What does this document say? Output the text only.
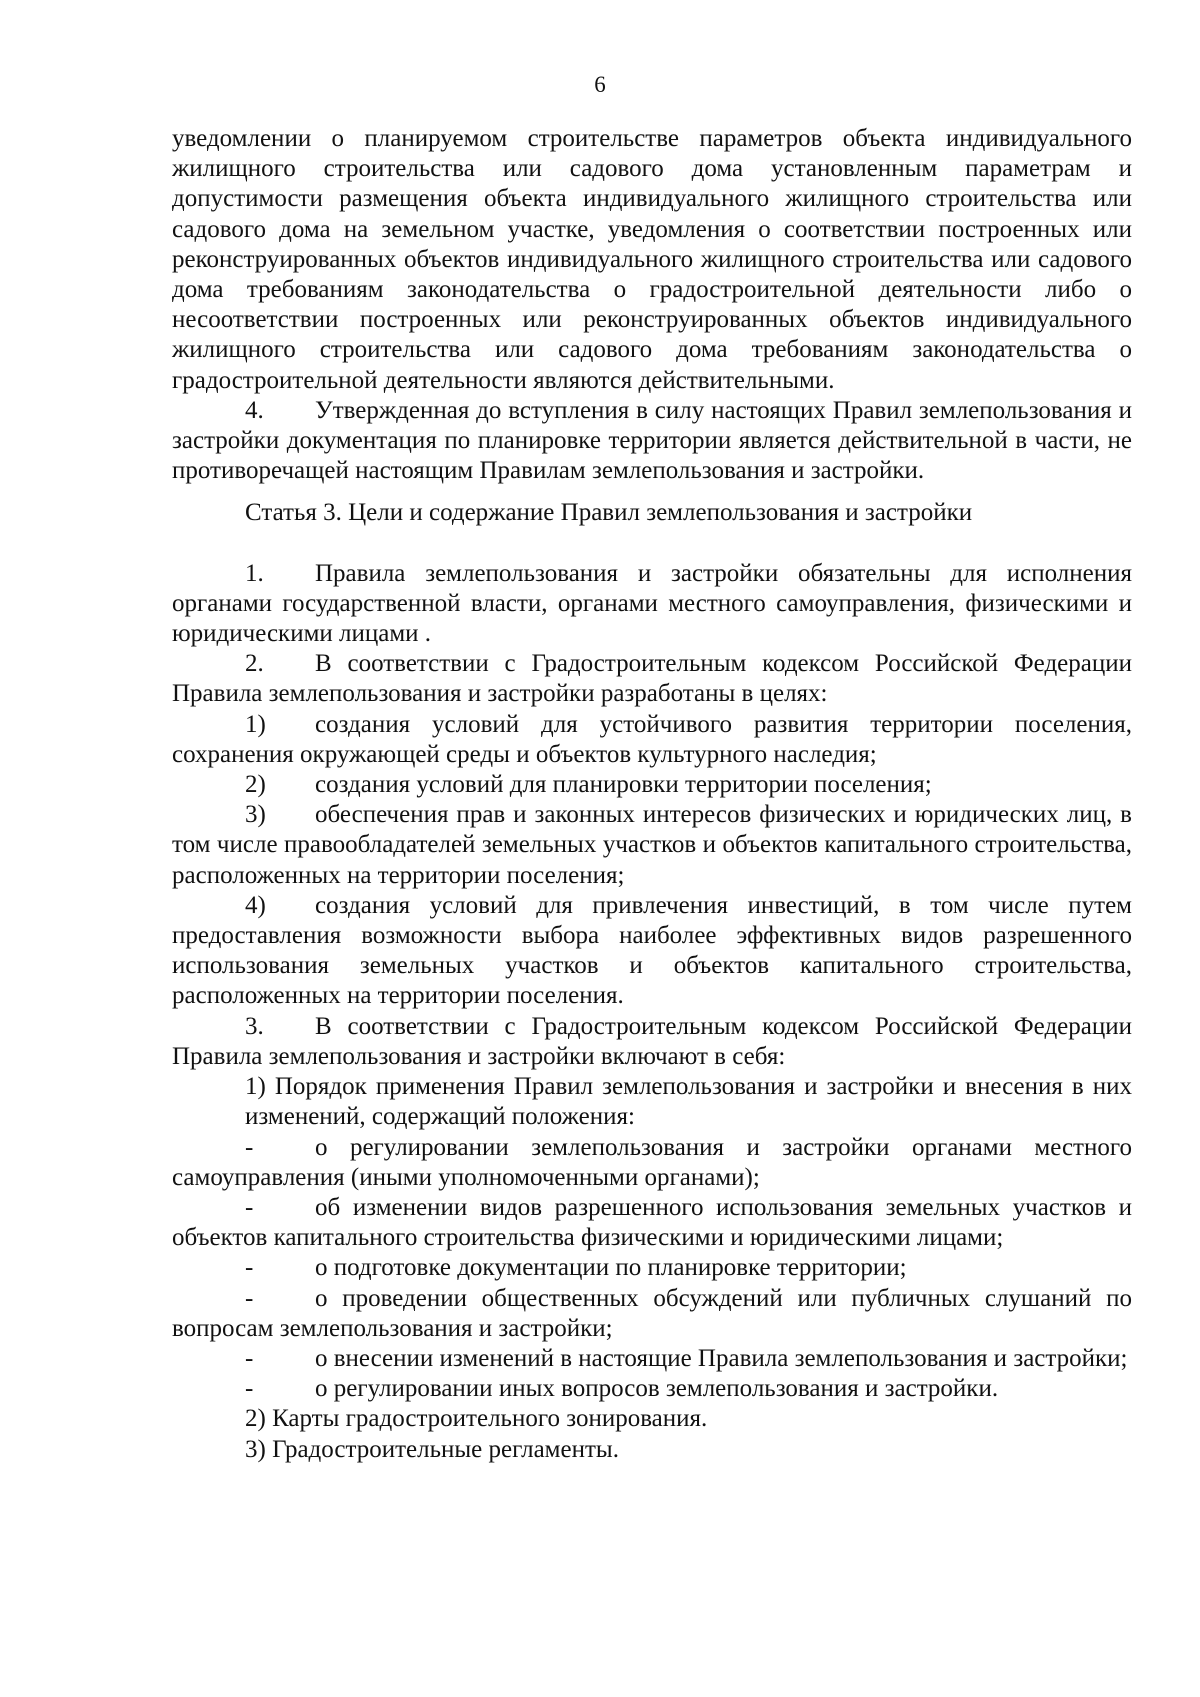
6

уведомлении о планируемом строительстве параметров объекта индивидуального жилищного строительства или садового дома установленным параметрам и допустимости размещения объекта индивидуального жилищного строительства или садового дома на земельном участке, уведомления о соответствии построенных или реконструированных объектов индивидуального жилищного строительства или садового дома требованиям законодательства о градостроительной деятельности либо о несоответствии построенных или реконструированных объектов индивидуального жилищного строительства или садового дома требованиям законодательства о градостроительной деятельности являются действительными.

4. Утвержденная до вступления в силу настоящих Правил землепользования и застройки документация по планировке территории является действительной в части, не противоречащей настоящим Правилам землепользования и застройки.

Статья 3. Цели и содержание Правил землепользования и застройки

1. Правила землепользования и застройки обязательны для исполнения органами государственной власти, органами местного самоуправления, физическими и юридическими лицами .

2. В соответствии с Градостроительным кодексом Российской Федерации Правила землепользования и застройки разработаны в целях:

1) создания условий для устойчивого развития территории поселения, сохранения окружающей среды и объектов культурного наследия;

2) создания условий для планировки территории поселения;

3) обеспечения прав и законных интересов физических и юридических лиц, в том числе правообладателей земельных участков и объектов капитального строительства, расположенных на территории поселения;

4) создания условий для привлечения инвестиций, в том числе путем предоставления возможности выбора наиболее эффективных видов разрешенного использования земельных участков и объектов капитального строительства, расположенных на территории поселения.

3. В соответствии с Градостроительным кодексом Российской Федерации Правила землепользования и застройки включают в себя:

1) Порядок применения Правил землепользования и застройки и внесения в них изменений, содержащий положения:

- о регулировании землепользования и застройки органами местного самоуправления (иными уполномоченными органами);

- об изменении видов разрешенного использования земельных участков и объектов капитального строительства физическими и юридическими лицами;

- о подготовке документации по планировке территории;

- о проведении общественных обсуждений или публичных слушаний по вопросам землепользования и застройки;

- о внесении изменений в настоящие Правила землепользования и застройки;

- о регулировании иных вопросов землепользования и застройки.

2) Карты градостроительного зонирования.

3) Градостроительные регламенты.
